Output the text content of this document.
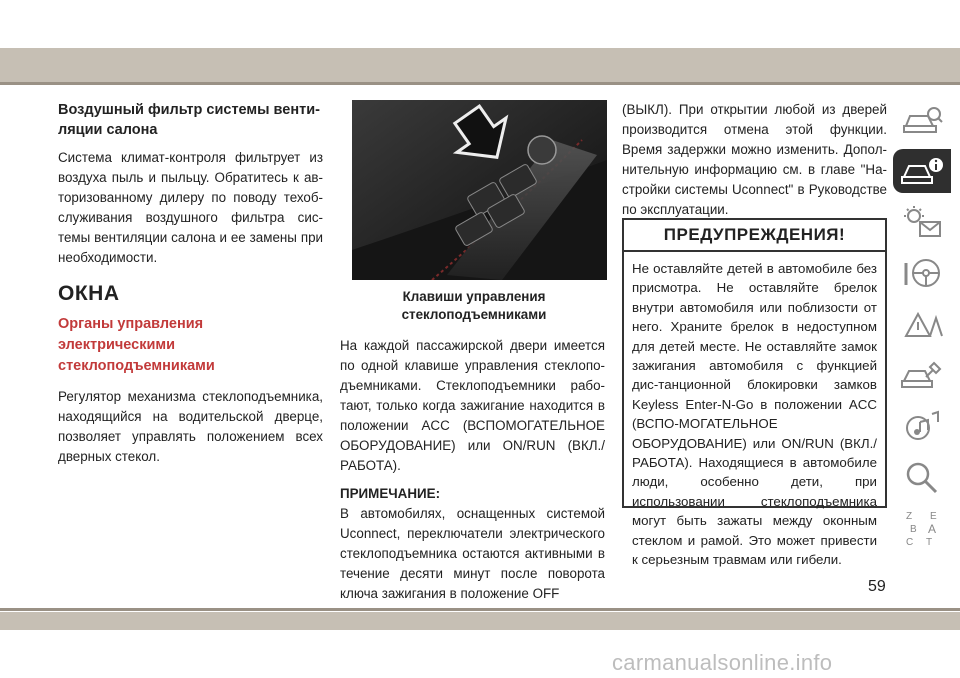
Воздушный фильтр системы венти-ляции салона

Система климат-контроля фильтрует из воздуха пыль и пыльцу. Обратитесь к ав-торизованному дилеру по поводу техоб-служивания воздушного фильтра сис-темы вентиляции салона и ее замены при необходимости.

ОКНА
Органы управления электрическими стеклоподъемниками

Регулятор механизма стеклоподъемника, находящийся на водительской дверце, позволяет управлять положением всех дверных стекол.

Клавиши управления стеклоподъемниками

На каждой пассажирской двери имеется по одной клавише управления стеклопо-дъемниками. Стеклоподъемники рабо-тают, только когда зажигание находится в положении ACC (ВСПОМОГАТЕЛЬНОЕ ОБОРУДОВАНИЕ) или ON/RUN (ВКЛ./РАБОТА).

ПРИМЕЧАНИЕ:

В автомобилях, оснащенных системой Uconnect, переключатели электрического стеклоподъемника остаются активными в течение десяти минут после поворота ключа зажигания в положение OFF

(ВЫКЛ). При открытии любой из дверей производится отмена этой функции. Время задержки можно изменить. Допол-нительную информацию см. в главе "На-стройки системы Uconnect" в Руководстве по эксплуатации.

ПРЕДУПРЕЖДЕНИЯ!
Не оставляйте детей в автомобиле без присмотра. Не оставляйте брелок внутри автомобиля или поблизости от него. Храните брелок в недоступном для детей месте. Не оставляйте замок зажигания автомобиля с функцией дис-танционной блокировки замков Keyless Enter-N-Go в положении ACC (ВСПО-МОГАТЕЛЬНОЕ ОБОРУДОВАНИЕ) или ON/RUN (ВКЛ./РАБОТА). Находящиеся в автомобиле люди, особенно дети, при использовании стеклоподъемника могут быть зажаты между оконным стеклом и рамой. Это может привести к серьезным травмам или гибели.
Z E
B A
C T
59
carmanualsonline.info
